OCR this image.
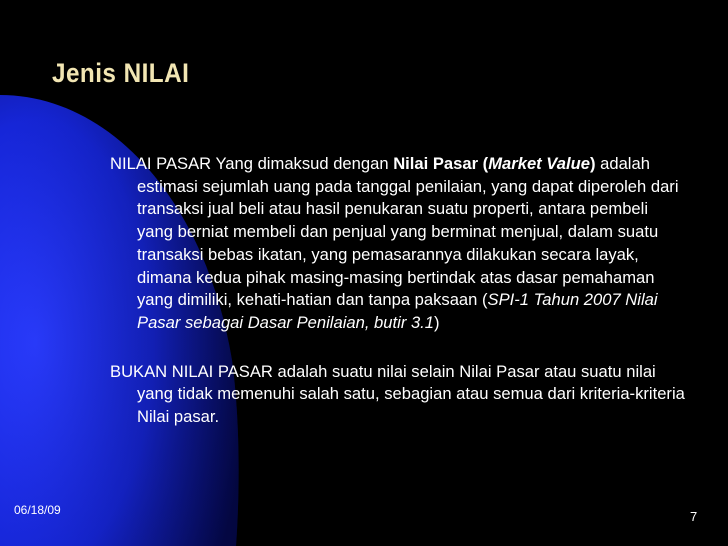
Jenis NILAI

NILAI PASAR Yang dimaksud dengan Nilai Pasar (Market Value) adalah estimasi sejumlah uang pada tanggal penilaian, yang dapat diperoleh dari transaksi jual beli atau hasil penukaran suatu properti, antara pembeli yang berniat membeli dan penjual yang berminat menjual, dalam suatu transaksi bebas ikatan, yang pemasarannya dilakukan secara layak, dimana kedua pihak masing-masing bertindak atas dasar pemahaman yang dimiliki, kehati-hatian dan tanpa paksaan (SPI-1 Tahun 2007 Nilai Pasar sebagai Dasar Penilaian, butir 3.1)

BUKAN NILAI PASAR adalah suatu nilai selain Nilai Pasar atau suatu nilai yang tidak memenuhi salah satu, sebagian atau semua dari kriteria-kriteria Nilai pasar.

06/18/09	7
